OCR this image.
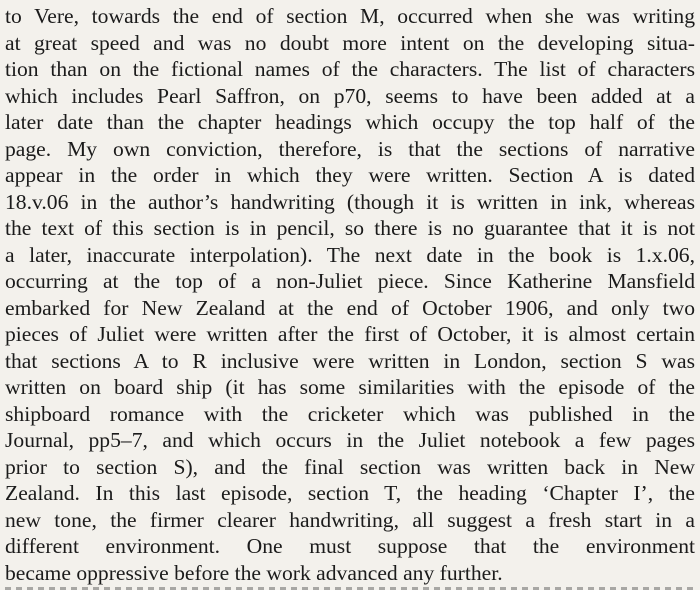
to Vere, towards the end of section M, occurred when she was writing
at great speed and was no doubt more intent on the developing situa-
tion than on the fictional names of the characters. The list of characters
which includes Pearl Saffron, on p70, seems to have been added at a
later date than the chapter headings which occupy the top half of the
page. My own conviction, therefore, is that the sections of narrative
appear in the order in which they were written. Section A is dated
18.v.06 in the author’s handwriting (though it is written in ink, whereas
the text of this section is in pencil, so there is no guarantee that it is not
a later, inaccurate interpolation). The next date in the book is 1.x.06,
occurring at the top of a non-Juliet piece. Since Katherine Mansfield
embarked for New Zealand at the end of October 1906, and only two
pieces of Juliet were written after the first of October, it is almost certain
that sections A to R inclusive were written in London, section S was
written on board ship (it has some similarities with the episode of the
shipboard romance with the cricketer which was published in the
Journal, pp5–7, and which occurs in the Juliet notebook a few pages
prior to section S), and the final section was written back in New
Zealand. In this last episode, section T, the heading ‘Chapter I’, the
new tone, the firmer clearer handwriting, all suggest a fresh start in a
different environment. One must suppose that the environment
became oppressive before the work advanced any further.
